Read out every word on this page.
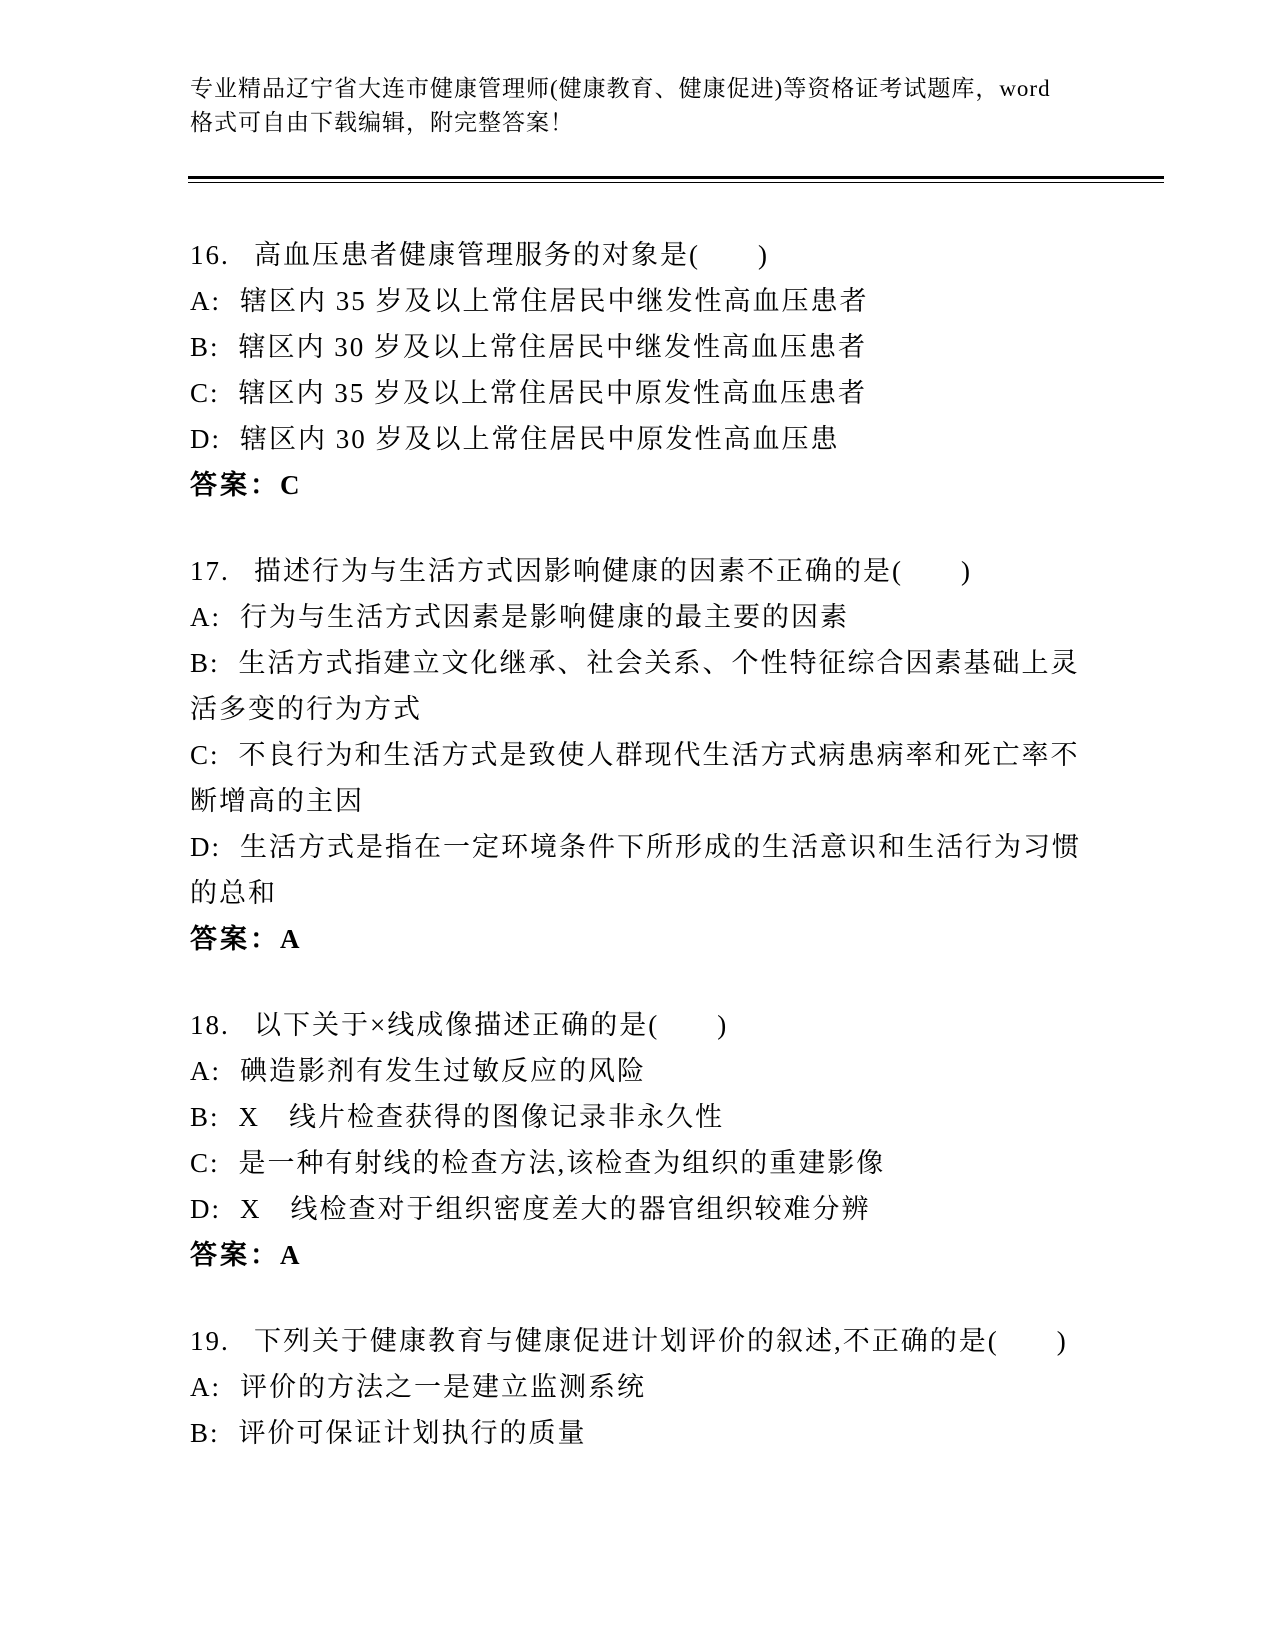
专业精品辽宁省大连市健康管理师(健康教育、健康促进)等资格证考试题库，word

格式可自由下载编辑，附完整答案！

16. 高血压患者健康管理服务的对象是(　　)

A: 辖区内 35 岁及以上常住居民中继发性高血压患者

B: 辖区内 30 岁及以上常住居民中继发性高血压患者

C: 辖区内 35 岁及以上常住居民中原发性高血压患者

D: 辖区内 30 岁及以上常住居民中原发性高血压患

答案：C

17. 描述行为与生活方式因影响健康的因素不正确的是(　　)

A: 行为与生活方式因素是影响健康的最主要的因素

B: 生活方式指建立文化继承、社会关系、个性特征综合因素基础上灵

活多变的行为方式

C: 不良行为和生活方式是致使人群现代生活方式病患病率和死亡率不

断增高的主因

D: 生活方式是指在一定环境条件下所形成的生活意识和生活行为习惯

的总和

答案：A

18. 以下关于×线成像描述正确的是(　　)

A: 碘造影剂有发生过敏反应的风险

B: X　线片检查获得的图像记录非永久性

C: 是一种有射线的检查方法,该检查为组织的重建影像

D: X　线检查对于组织密度差大的器官组织较难分辨

答案：A

19. 下列关于健康教育与健康促进计划评价的叙述,不正确的是(　　)

A: 评价的方法之一是建立监测系统

B: 评价可保证计划执行的质量
